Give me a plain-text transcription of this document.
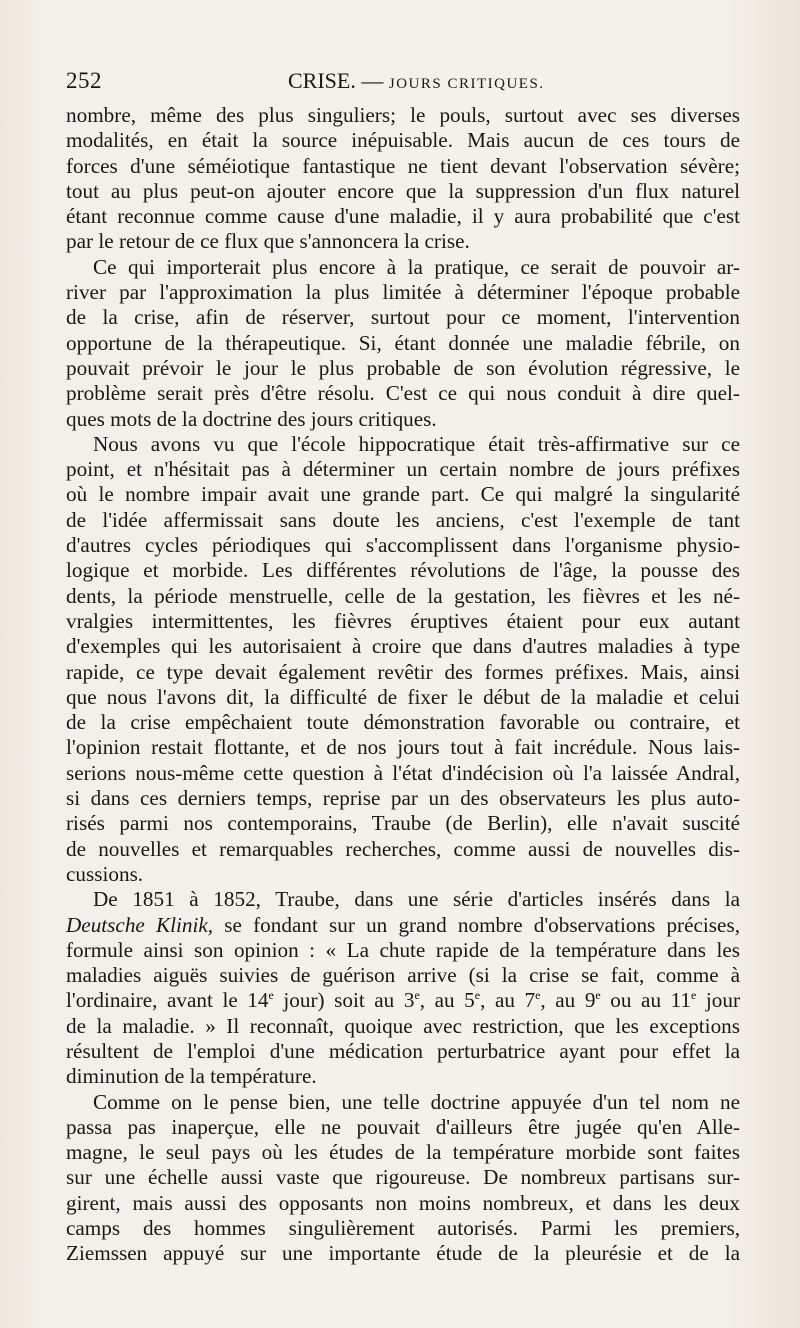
252	CRISE. — JOURS CRITIQUES.
nombre, même des plus singuliers; le pouls, surtout avec ses diverses
modalités, en était la source inépuisable. Mais aucun de ces tours de
forces d'une séméiotique fantastique ne tient devant l'observation sévère;
tout au plus peut-on ajouter encore que la suppression d'un flux naturel
étant reconnue comme cause d'une maladie, il y aura probabilité que c'est
par le retour de ce flux que s'annoncera la crise.
Ce qui importerait plus encore à la pratique, ce serait de pouvoir ar-
river par l'approximation la plus limitée à déterminer l'époque probable
de la crise, afin de réserver, surtout pour ce moment, l'intervention
opportune de la thérapeutique. Si, étant donnée une maladie fébrile, on
pouvait prévoir le jour le plus probable de son évolution régressive, le
problème serait près d'être résolu. C'est ce qui nous conduit à dire quel-
ques mots de la doctrine des jours critiques.
Nous avons vu que l'école hippocratique était très-affirmative sur ce
point, et n'hésitait pas à déterminer un certain nombre de jours préfixes
où le nombre impair avait une grande part. Ce qui malgré la singularité
de l'idée affermissait sans doute les anciens, c'est l'exemple de tant
d'autres cycles périodiques qui s'accomplissent dans l'organisme physio-
logique et morbide. Les différentes révolutions de l'âge, la pousse des
dents, la période menstruelle, celle de la gestation, les fièvres et les né-
vralgies intermittentes, les fièvres éruptives étaient pour eux autant
d'exemples qui les autorisaient à croire que dans d'autres maladies à type
rapide, ce type devait également revêtir des formes préfixes. Mais, ainsi
que nous l'avons dit, la difficulté de fixer le début de la maladie et celui
de la crise empêchaient toute démonstration favorable ou contraire, et
l'opinion restait flottante, et de nos jours tout à fait incrédule. Nous lais-
serions nous-même cette question à l'état d'indécision où l'a laissée Andral,
si dans ces derniers temps, reprise par un des observateurs les plus auto-
risés parmi nos contemporains, Traube (de Berlin), elle n'avait suscité
de nouvelles et remarquables recherches, comme aussi de nouvelles dis-
cussions.
De 1851 à 1852, Traube, dans une série d'articles insérés dans la
Deutsche Klinik, se fondant sur un grand nombre d'observations précises,
formule ainsi son opinion : « La chute rapide de la température dans les
maladies aiguës suivies de guérison arrive (si la crise se fait, comme à
l'ordinaire, avant le 14e jour) soit au 3e, au 5e, au 7e, au 9e ou au 11e jour
de la maladie. » Il reconnaît, quoique avec restriction, que les exceptions
résultent de l'emploi d'une médication perturbatrice ayant pour effet la
diminution de la température.
Comme on le pense bien, une telle doctrine appuyée d'un tel nom ne
passa pas inaperçue, elle ne pouvait d'ailleurs être jugée qu'en Alle-
magne, le seul pays où les études de la température morbide sont faites
sur une échelle aussi vaste que rigoureuse. De nombreux partisans sur-
girent, mais aussi des opposants non moins nombreux, et dans les deux
camps des hommes singulièrement autorisés. Parmi les premiers,
Ziemssen appuyé sur une importante étude de la pleurésie et de la
